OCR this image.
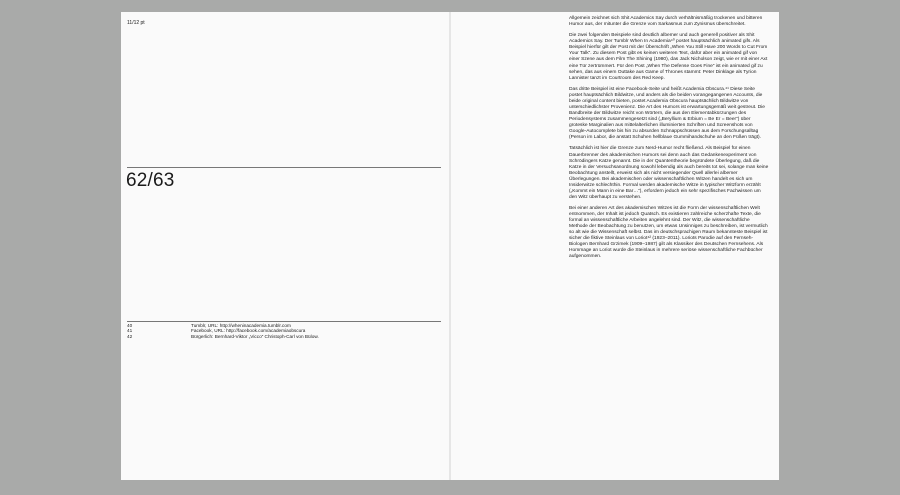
11/12 pt
62/63
40	Tumblr, URL: http://wheninacademia.tumblr.com
41	Facebook, URL: http://facebook.com/academiaobscura
42	Bürgerlich: Bernhard-Viktor „Vicco“ Christoph-Carl von Bülow.

Allgemein zeichnet sich Shit Academics Say durch verhältnismäßig trockenen und bitteren Humor aus, der mitunter die Grenze vom Sarkasmus zum Zynismus überschreitet.

Die zwei folgenden Beispiele sind deutlich albemer und auch generell positiver als Shit Academics Say. Der Tumblr When In Academia⁴⁰ postet hauptsächlich animated gifs. Als Beispiel hierfür gilt der Post mit der Überschrift „When You Still Have 200 Words to Cut From Your Talk“. Zu diesem Post gibt es keinen weiteren Text, dafür aber ein animated gif von einer Szene aus dem Film The Shining (1980), das Jack Nicholson zeigt, wie er mit einer Axt eine Tür zertrümmert. Für den Post „When The Defense Goes Fine“ ist ein animated gif zu sehen, das aus einem Outtake aus Game of Thrones stammt: Peter Dinklage als Tyrion Lannister tanzt im Courtroom des Red Keep.

Das dritte Beispiel ist eine Facebook-Seite und heißt Academia Obscura.⁴¹ Diese Seite postet hauptsächlich Bildwitze, und anders als die beiden vorangegangenen Accounts, die beide original content bieten, postet Academia Obscura hauptsächlich Bildwitze von unterschiedlichster Provenienz. Die Art des Humors ist erwartungsgemäß weit gestreut. Die Bandbreite der Bildwitze reicht von Wörtern, die aus den Elementabkürzungen des Periodensystems zusammengesetzt sind („Beryllium & Erbium = Be Er = Beer“) über groteske Marginalien aus mittelalterlichen illuminierten Schriften und Screenshots von Google-Autocomplete bis hin zu absurden Schnappschüssen aus dem Forschungsalltag (Person im Labor, die anstatt Schuhen hellblaue Gummihandschuhe an den Füßen trägt).

Tatsächlich ist hier die Grenze zum Nerd-Humor recht fließend. Als Beispiel für einen Dauerbrenner des akademischen Humors sei denn auch das Gedankenexperiment von Schrödingers Katze genannt. Die in der Quantentheorie begründete Überlegung, daß die Katze in der Versuchsanordnung sowohl lebendig als auch bereits tot sei, solange man keine Beobachtung anstellt, erweist sich als nicht versiegender Quell allerlei albemer Überlegungen. Bei akademischen oder wissenschaftlichen Witzen handelt es sich um Insiderwitze schlechthin. Formal werden akademische Witze in typischer Witzform erzählt („Kommt ein Mann in eine Bar…“), erfordern jedoch ein sehr spezifisches Fachwissen um den Witz überhaupt zu verstehen.

Bei einer anderen Art des akademischen Witzes ist die Form der wissenschaftlichen Welt entnommen, der Inhalt ist jedoch Quatsch. Es existieren zahlreiche scherzhafte Texte, die formal an wissenschaftliche Arbeiten angelehnt sind. Der Witz, die wissenschaftliche Methode der Beobachtung zu benutzen, um etwas Unsinniges zu beschreiben, ist vermutlich so alt wie die Wissenschaft selbst. Das im deutschsprachigen Raum bekannteste Beispiel ist sicher die fiktive Steinlaus von Loriot⁴² (1923–2011). Loriots Parodie auf den Fernseh-Biologen Bernhard Grzimek (1909–1987) gilt als Klassiker des Deutschen Fernsehens. Als Hommage an Loriot wurde die Steinlaus in mehrere seriöse wissenschaftliche Fachbücher aufgenommen.
